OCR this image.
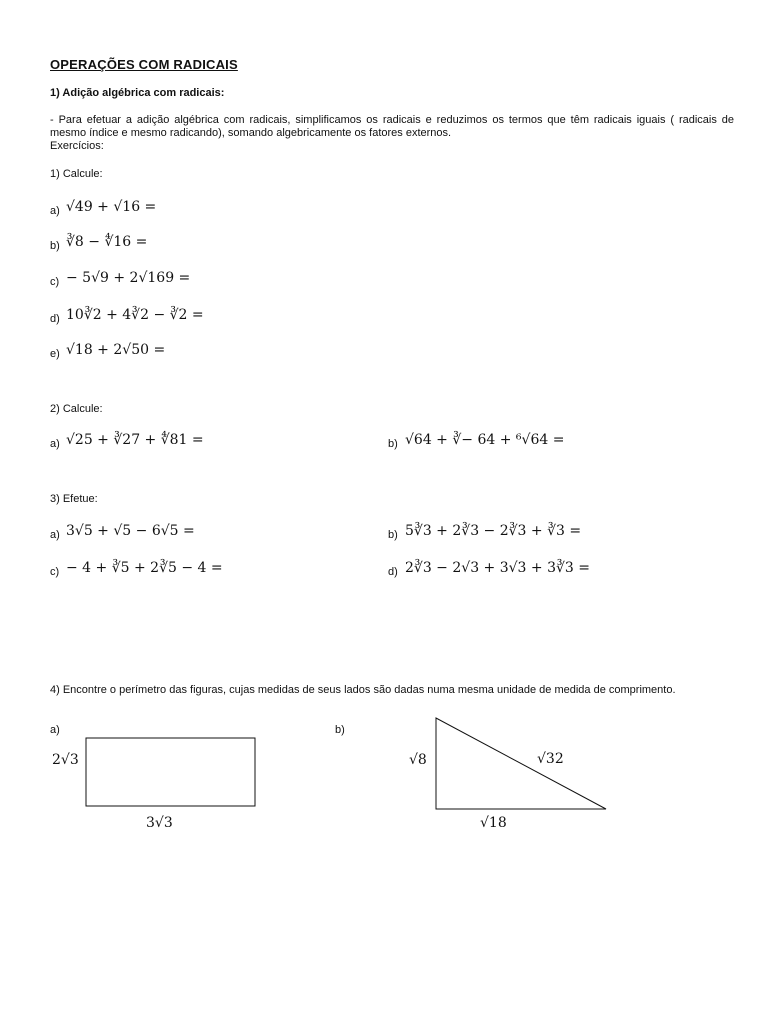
OPERAÇÕES COM RADICAIS
1) Adição algébrica com radicais:
- Para efetuar a adição algébrica com radicais, simplificamos os radicais e reduzimos os termos que têm radicais iguais ( radicais de mesmo índice e mesmo radicando), somando algebricamente os fatores externos.
Exercícios:
1) Calcule:
a) √49 + √16 =
b) ∛8 − ∜16 =
c) − 5√9 + 2√169 =
d) 10∛2 + 4∛2 − ∛2 =
e) √18 + 2√50 =
2) Calcule:
a) √25 + ∛27 + ∜81 =	b) √64 + ∛− 64 + ⁶√64 =
3) Efetue:
a) 3√5 + √5 − 6√5 =	b) 5∛3 + 2∛3 − 2∛3 + ∛3 =
c) − 4 + ∛5 + 2∛5 − 4 =	d) 2∛3 − 2√3 + 3√3 + 3∛3 =
4) Encontre o perímetro das figuras, cujas medidas de seus lados são dadas numa mesma unidade de medida de comprimento.
a)	b)
2√3
3√3
√8	√32
√18
